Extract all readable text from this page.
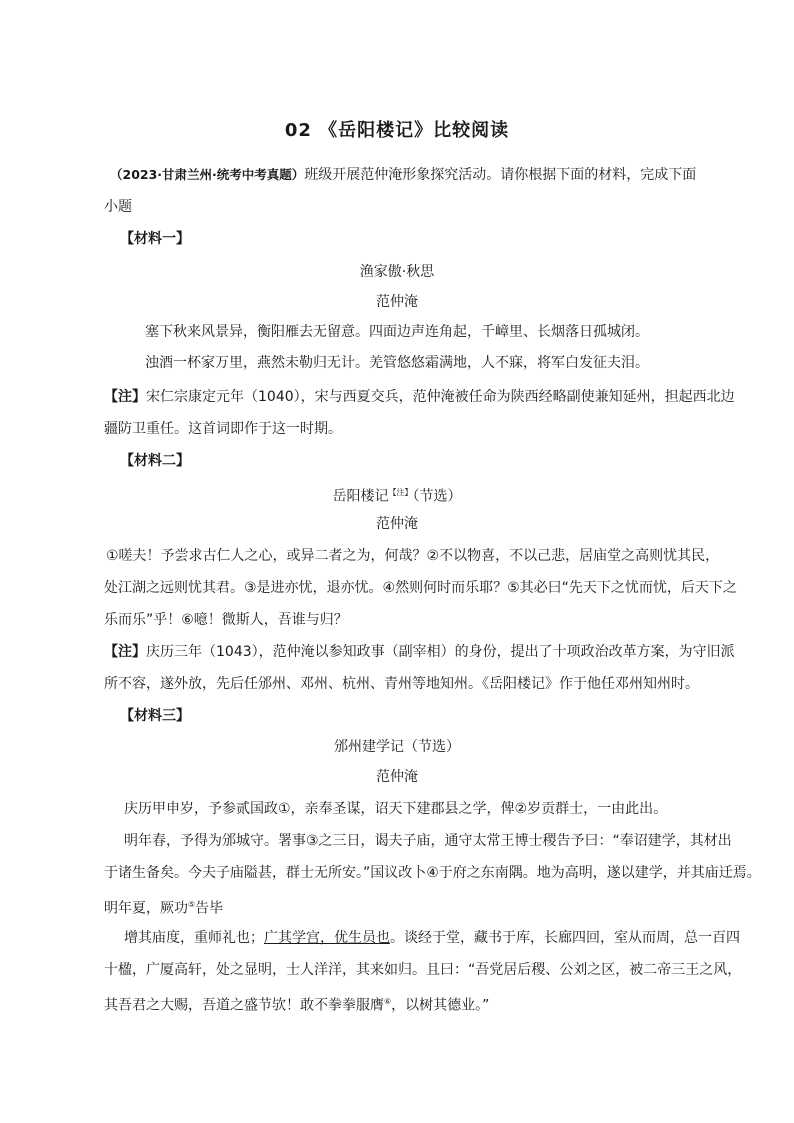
02 《岳阳楼记》比较阅读
（2023·甘肃兰州·统考中考真题）班级开展范仲淹形象探究活动。请你根据下面的材料，完成下面
小题
【材料一】
渔家傲·秋思
范仲淹
塞下秋来风景异，衡阳雁去无留意。四面边声连角起，千嶂里、长烟落日孤城闭。
浊酒一杯家万里，燕然未勒归无计。羌管悠悠霜满地，人不寐，将军白发征夫泪。
【注】宋仁宗康定元年（1040），宋与西夏交兵，范仲淹被任命为陕西经略副使兼知延州，担起西北边
疆防卫重任。这首词即作于这一时期。
【材料二】
岳阳楼记$^{【注】}$（节选）
范仲淹
①嗟夫！予尝求古仁人之心，或异二者之为，何哉？②不以物喜，不以己悲，居庙堂之高则忧其民，
处江湖之远则忧其君。③是进亦忧，退亦忧。④然则何时而乐耶？⑤其必曰“先天下之忧而忧，后天下之
乐而乐”乎！⑥噫！微斯人，吾谁与归？
【注】庆历三年（1043），范仲淹以参知政事（副宰相）的身份，提出了十项政治改革方案，为守旧派
所不容，遂外放，先后任邠州、邓州、杭州、青州等地知州。《岳阳楼记》作于他任邓州知州时。
【材料三】
邠州建学记（节选）
范仲淹
庆历甲申岁，予参贰国政①，亲奉圣谋，诏天下建郡县之学，俾②岁贡群士，一由此出。
明年春，予得为邠城守。署事③之三日，谒夫子庙，通守太常王博士稷告予曰：“奉诏建学，其材出
于诸生备矣。今夫子庙隘甚，群士无所安。”国议改卜④于府之东南隅。地为高明，遂以建学，并其庙迁焉。
明年夏，厥功⑤告毕
增其庙度，重师礼也；广其学宫，优生员也。谈经于堂，藏书于库，长廊四回，室从而周，总一百四
十楹，广厦高轩，处之显明，士人洋洋，其来如归。且曰：“吾党居后稷、公刘之区，被二帝三王之风，
其吾君之大赐，吾道之盛节欤！敢不拳拳服膺⑥，以树其德业。”
